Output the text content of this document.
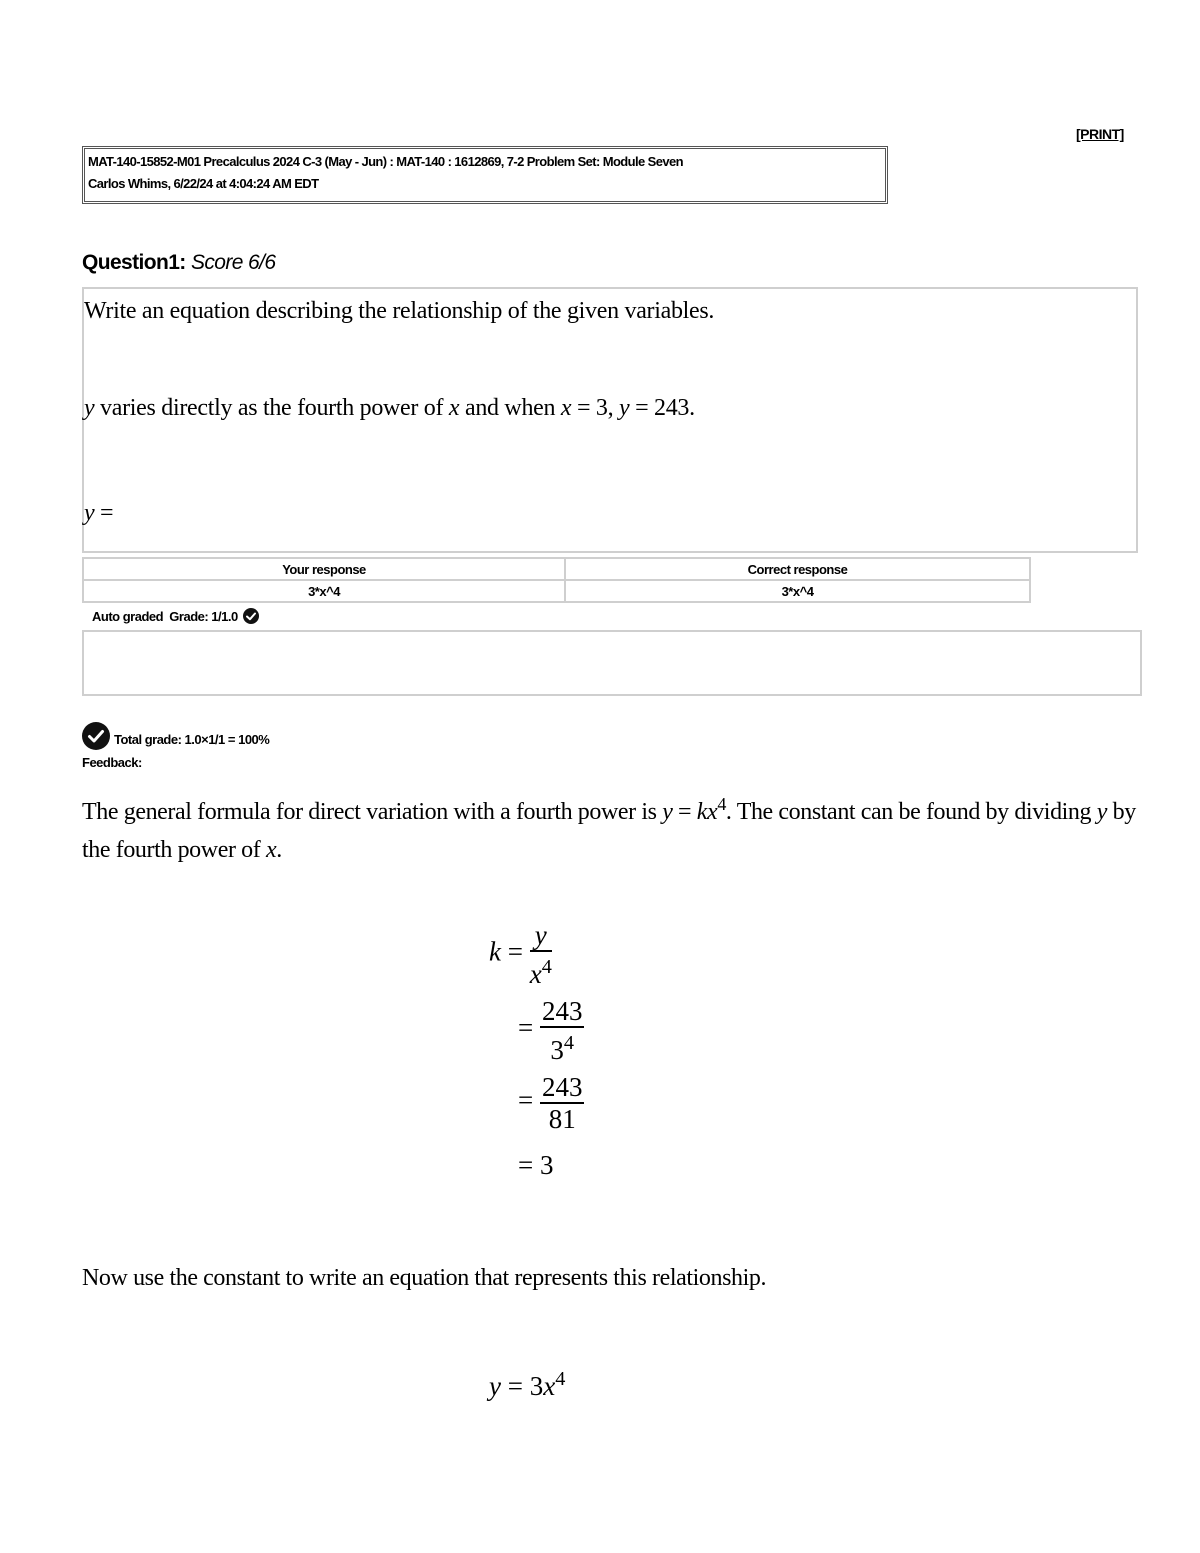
[PRINT]
MAT-140-15852-M01 Precalculus 2024 C-3 (May - Jun) : MAT-140 : 1612869, 7-2 Problem Set: Module Seven
Carlos Whims, 6/22/24 at 4:04:24 AM EDT
Question1: Score 6/6
Write an equation describing the relationship of the given variables.
y varies directly as the fourth power of x and when x = 3, y = 243.
y =
Your response	Correct response
3*x^4	3*x^4
Auto graded Grade: 1/1.0
Total grade: 1.0×1/1 = 100%
Feedback:
The general formula for direct variation with a fourth power is $y = kx^4$. The constant can be found by dividing y by the fourth power of x.
$k = \frac{y}{x^4}$
= $\frac{243}{3^4}$
= $\frac{243}{81}$
= 3
Now use the constant to write an equation that represents this relationship.
$y = 3x^4$
